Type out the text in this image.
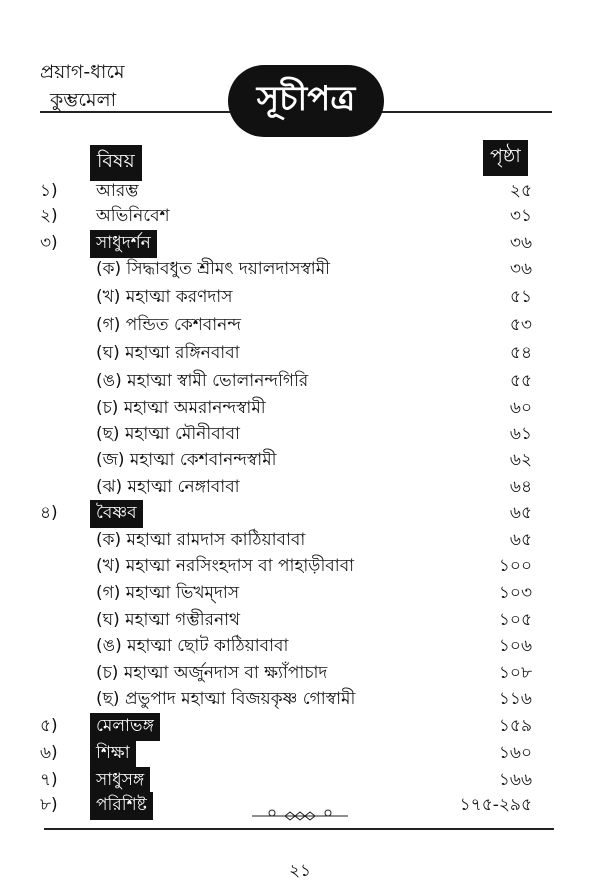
প্রয়াগ-ধামে
কুম্ভমেলা	সূচীপত্র
বিষয়	পৃষ্ঠা
১) আরম্ভ	২৫
২) অভিনিবেশ	৩১
৩)	সাধুদর্শন	৩৬
(ক) সিদ্ধাবধুত শ্রীমৎ দয়ালদাসস্বামী	৩৬
(খ) মহাত্মা করণদাস	৫১
(গ) পন্ডিত কেশবানন্দ	৫৩
(ঘ) মহাত্মা রঙ্গিনবাবা	৫৪
(ঙ) মহাত্মা স্বামী ভোলানন্দগিরি	৫৫
(চ) মহাত্মা অমরানন্দস্বামী	৬০
(ছ) মহাত্মা মৌনীবাবা	৬১
(জ) মহাত্মা কেশবানন্দস্বামী	৬২
(ঝ) মহাত্মা নেঙ্গাবাবা	৬৪
৪)	বৈষ্ণব	৬৫
(ক) মহাত্মা রামদাস কাঠিয়াবাবা	৬৫
(খ) মহাত্মা নরসিংহদাস বা পাহাড়ীবাবা	১০০
(গ) মহাত্মা ভিখম্‌দাস	১০৩
(ঘ) মহাত্মা গম্ভীরনাথ	১০৫
(ঙ) মহাত্মা ছোট কাঠিয়াবাবা	১০৬
(চ) মহাত্মা অর্জুনদাস বা ক্ষ্যাঁপাচাদ	১০৮
(ছ) প্রভুপাদ মহাত্মা বিজয়কৃষ্ণ গোস্বামী	১১৬
৫)	মেলাভঙ্গ	১৫৯
৬)	শিক্ষা	১৬০
৭)	সাধুসঙ্গ	১৬৬
৮)	পরিশিষ্ট	১৭৫-২৯৫
২১
